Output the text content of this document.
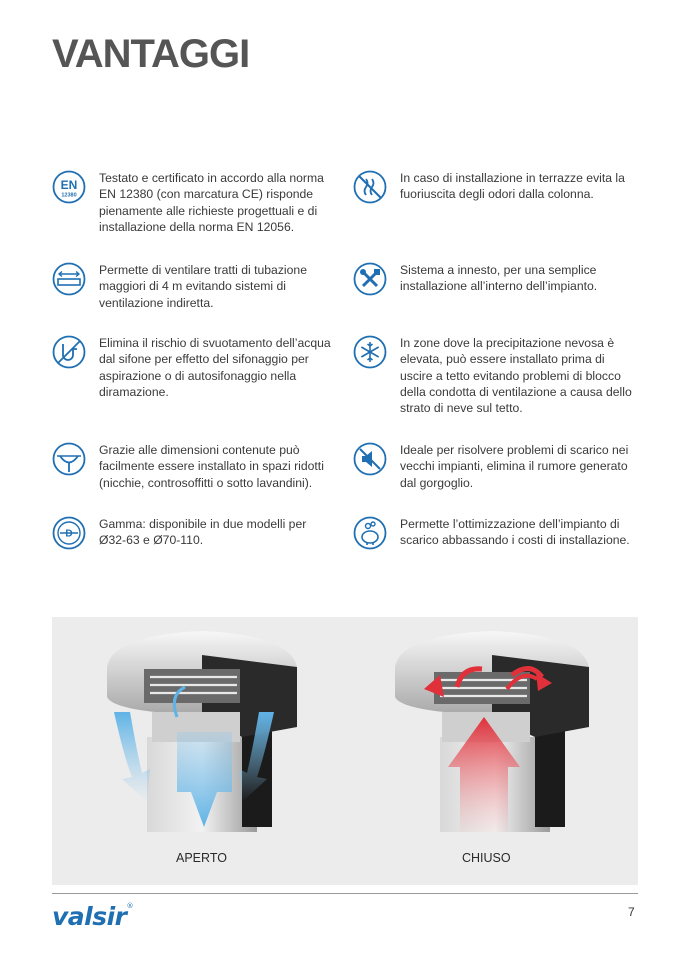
VANTAGGI
EN
12380
Testato e certificato in accordo alla norma EN 12380 (con marcatura CE) risponde pienamente alle richieste progettuali e di installazione della norma EN 12056.
Permette di ventilare tratti di tubazione maggiori di 4 m evitando sistemi di ventilazione indiretta.
Elimina il rischio di svuotamento dell’acqua dal sifone per effetto del sifonaggio per aspirazione o di autosifonaggio nella diramazione.
Grazie alle dimensioni contenute può facilmente essere installato in spazi ridotti (nicchie, controsoffitti o sotto lavandini).
D
Gamma: disponibile in due modelli per Ø32-63 e Ø70-110.
In caso di installazione in terrazze evita la fuoriuscita degli odori dalla colonna.
Sistema a innesto, per una semplice installazione all’interno dell’impianto.
In zone dove la precipitazione nevosa è elevata, può essere installato prima di uscire a tetto evitando problemi di blocco della condotta di ventilazione a causa dello strato di neve sul tetto.
Ideale per risolvere problemi di scarico nei vecchi impianti, elimina il rumore generato dal gorgoglio.
Permette l’ottimizzazione dell’impianto di scarico abbassando i costi di installazione.
APERTO	CHIUSO
valsir®	7
